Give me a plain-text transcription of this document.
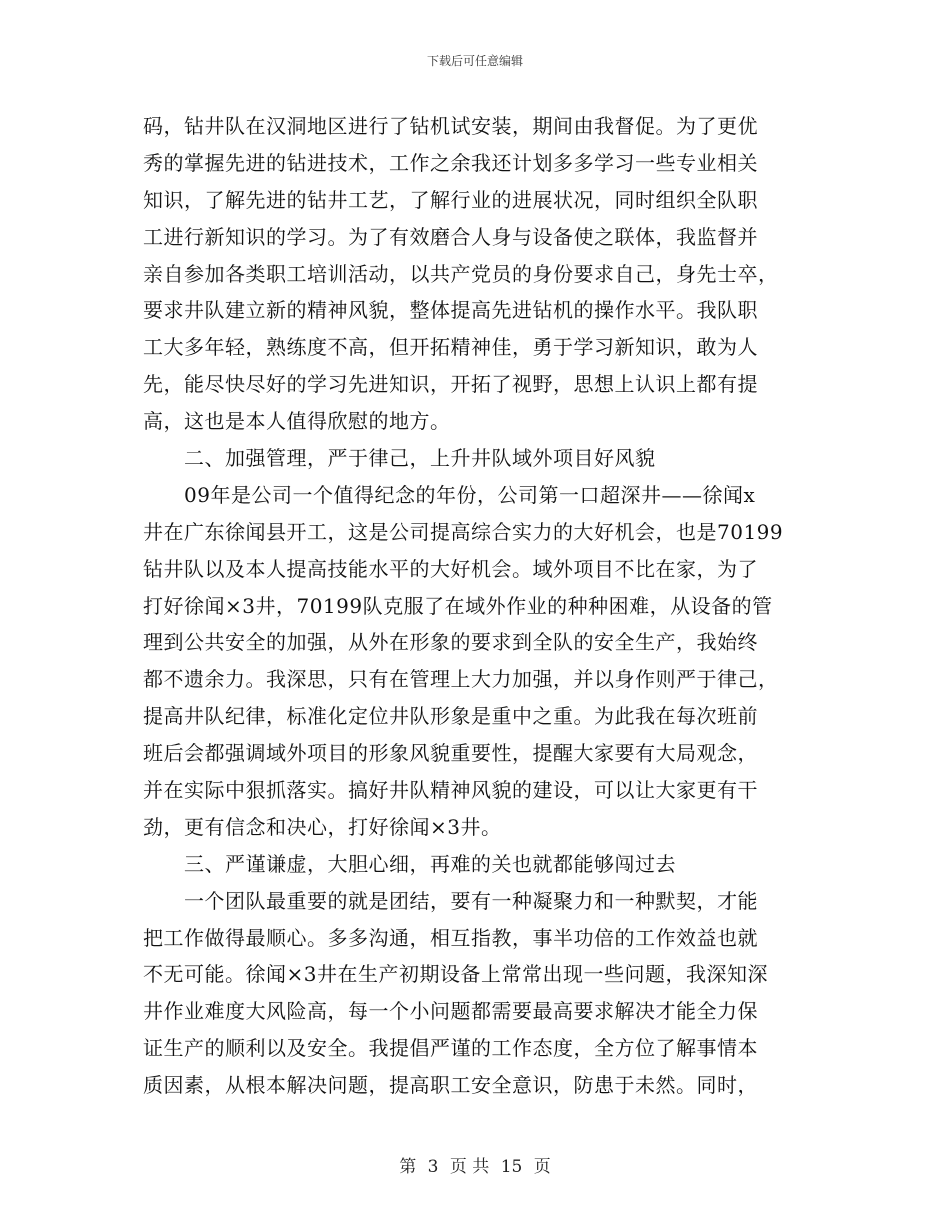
下载后可任意编辑
码，钻井队在汉洞地区进行了钻机试安装，期间由我督促。为了更优
秀的掌握先进的钻进技术，工作之余我还计划多多学习一些专业相关
知识，了解先进的钻井工艺，了解行业的进展状况，同时组织全队职
工进行新知识的学习。为了有效磨合人身与设备使之联体，我监督并
亲自参加各类职工培训活动，以共产党员的身份要求自己，身先士卒，
要求井队建立新的精神风貌，整体提高先进钻机的操作水平。我队职
工大多年轻，熟练度不高，但开拓精神佳，勇于学习新知识，敢为人
先，能尽快尽好的学习先进知识，开拓了视野，思想上认识上都有提
高，这也是本人值得欣慰的地方。
二、加强管理，严于律己，上升井队域外项目好风貌
09年是公司一个值得纪念的年份，公司第一口超深井——徐闻x
井在广东徐闻县开工，这是公司提高综合实力的大好机会，也是70199
钻井队以及本人提高技能水平的大好机会。域外项目不比在家，为了
打好徐闻×3井，70199队克服了在域外作业的种种困难，从设备的管
理到公共安全的加强，从外在形象的要求到全队的安全生产，我始终
都不遗余力。我深思，只有在管理上大力加强，并以身作则严于律己，
提高井队纪律，标准化定位井队形象是重中之重。为此我在每次班前
班后会都强调域外项目的形象风貌重要性，提醒大家要有大局观念，
并在实际中狠抓落实。搞好井队精神风貌的建设，可以让大家更有干
劲，更有信念和决心，打好徐闻×3井。
三、严谨谦虚，大胆心细，再难的关也就都能够闯过去
一个团队最重要的就是团结，要有一种凝聚力和一种默契，才能
把工作做得最顺心。多多沟通，相互指教，事半功倍的工作效益也就
不无可能。徐闻×3井在生产初期设备上常常出现一些问题，我深知深
井作业难度大风险高，每一个小问题都需要最高要求解决才能全力保
证生产的顺利以及安全。我提倡严谨的工作态度，全方位了解事情本
质因素，从根本解决问题，提高职工安全意识，防患于未然。同时，
第 3 页 共 15 页
